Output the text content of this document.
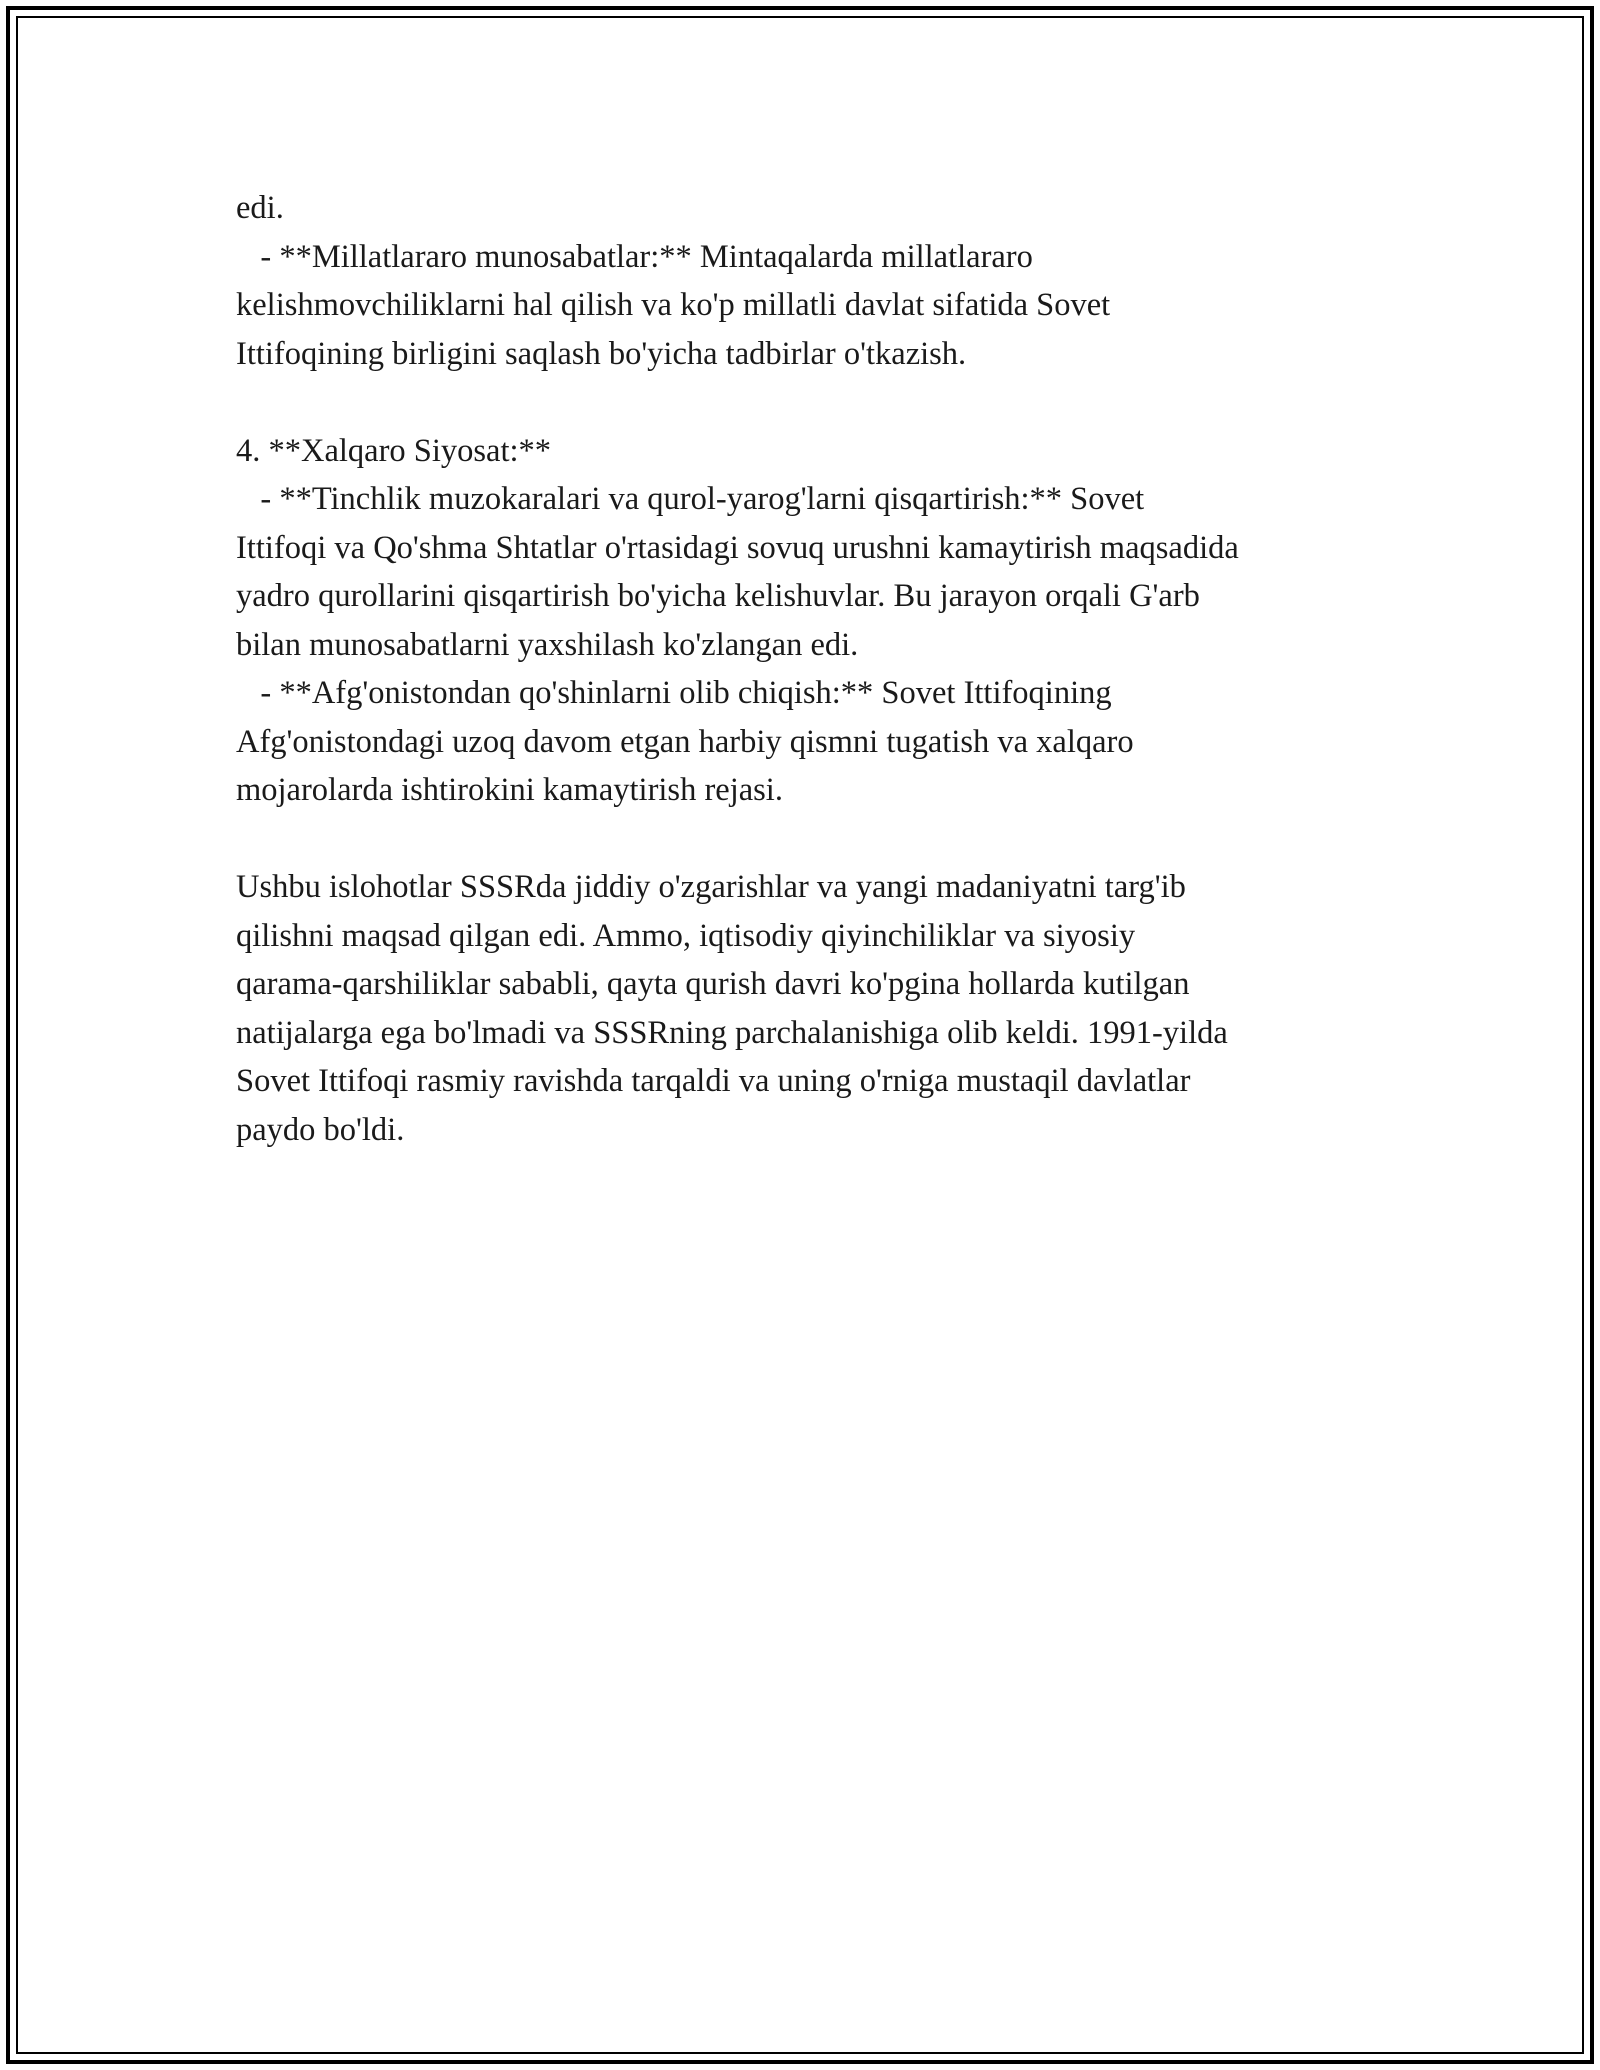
edi.
- **Millatlararo munosabatlar:** Mintaqalarda millatlararo
kelishmovchiliklarni hal qilish va ko'p millatli davlat sifatida Sovet
Ittifoqining birligini saqlash bo'yicha tadbirlar o'tkazish.
4. **Xalqaro Siyosat:**
- **Tinchlik muzokaralari va qurol-yarog'larni qisqartirish:** Sovet
Ittifoqi va Qo'shma Shtatlar o'rtasidagi sovuq urushni kamaytirish maqsadida
yadro qurollarini qisqartirish bo'yicha kelishuvlar. Bu jarayon orqali G'arb
bilan munosabatlarni yaxshilash ko'zlangan edi.
- **Afg'onistondan qo'shinlarni olib chiqish:** Sovet Ittifoqining
Afg'onistondagi uzoq davom etgan harbiy qismni tugatish va xalqaro
mojarolarda ishtirokini kamaytirish rejasi.
Ushbu islohotlar SSSRda jiddiy o'zgarishlar va yangi madaniyatni targ'ib
qilishni maqsad qilgan edi. Ammo, iqtisodiy qiyinchiliklar va siyosiy
qarama-qarshiliklar sababli, qayta qurish davri ko'pgina hollarda kutilgan
natijalarga ega bo'lmadi va SSSRning parchalanishiga olib keldi. 1991-yilda
Sovet Ittifoqi rasmiy ravishda tarqaldi va uning o'rniga mustaqil davlatlar
paydo bo'ldi.
